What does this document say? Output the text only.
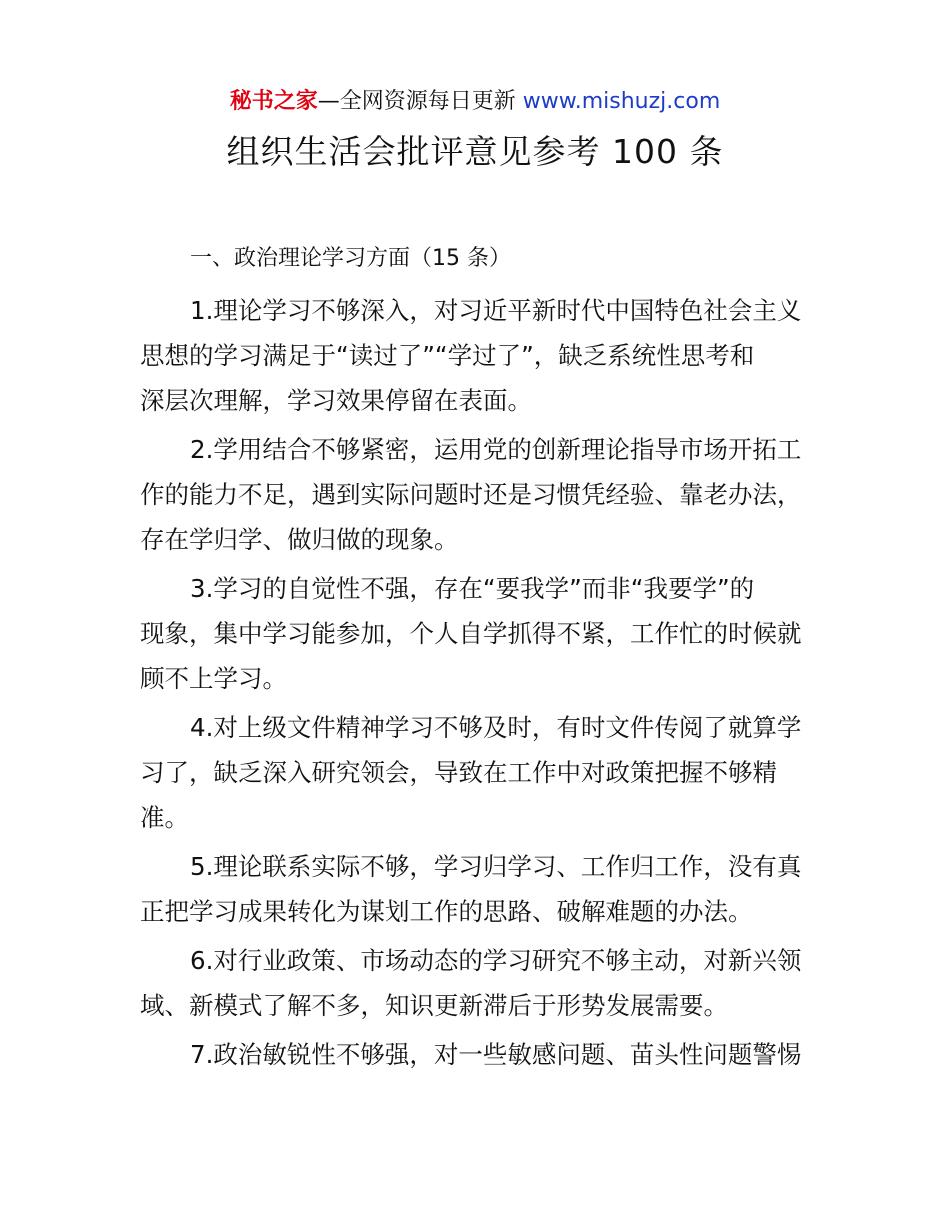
秘书之家—全网资源每日更新 www.mishuzj.com
组织生活会批评意见参考 100 条
一、政治理论学习方面（15 条）
1.理论学习不够深入，对习近平新时代中国特色社会主义
思想的学习满足于“读过了”“学过了”，缺乏系统性思考和
深层次理解，学习效果停留在表面。
2.学用结合不够紧密，运用党的创新理论指导市场开拓工
作的能力不足，遇到实际问题时还是习惯凭经验、靠老办法，
存在学归学、做归做的现象。
3.学习的自觉性不强，存在“要我学”而非“我要学”的
现象，集中学习能参加，个人自学抓得不紧，工作忙的时候就
顾不上学习。
4.对上级文件精神学习不够及时，有时文件传阅了就算学
习了，缺乏深入研究领会，导致在工作中对政策把握不够精
准。
5.理论联系实际不够，学习归学习、工作归工作，没有真
正把学习成果转化为谋划工作的思路、破解难题的办法。
6.对行业政策、市场动态的学习研究不够主动，对新兴领
域、新模式了解不多，知识更新滞后于形势发展需要。
7.政治敏锐性不够强，对一些敏感问题、苗头性问题警惕
